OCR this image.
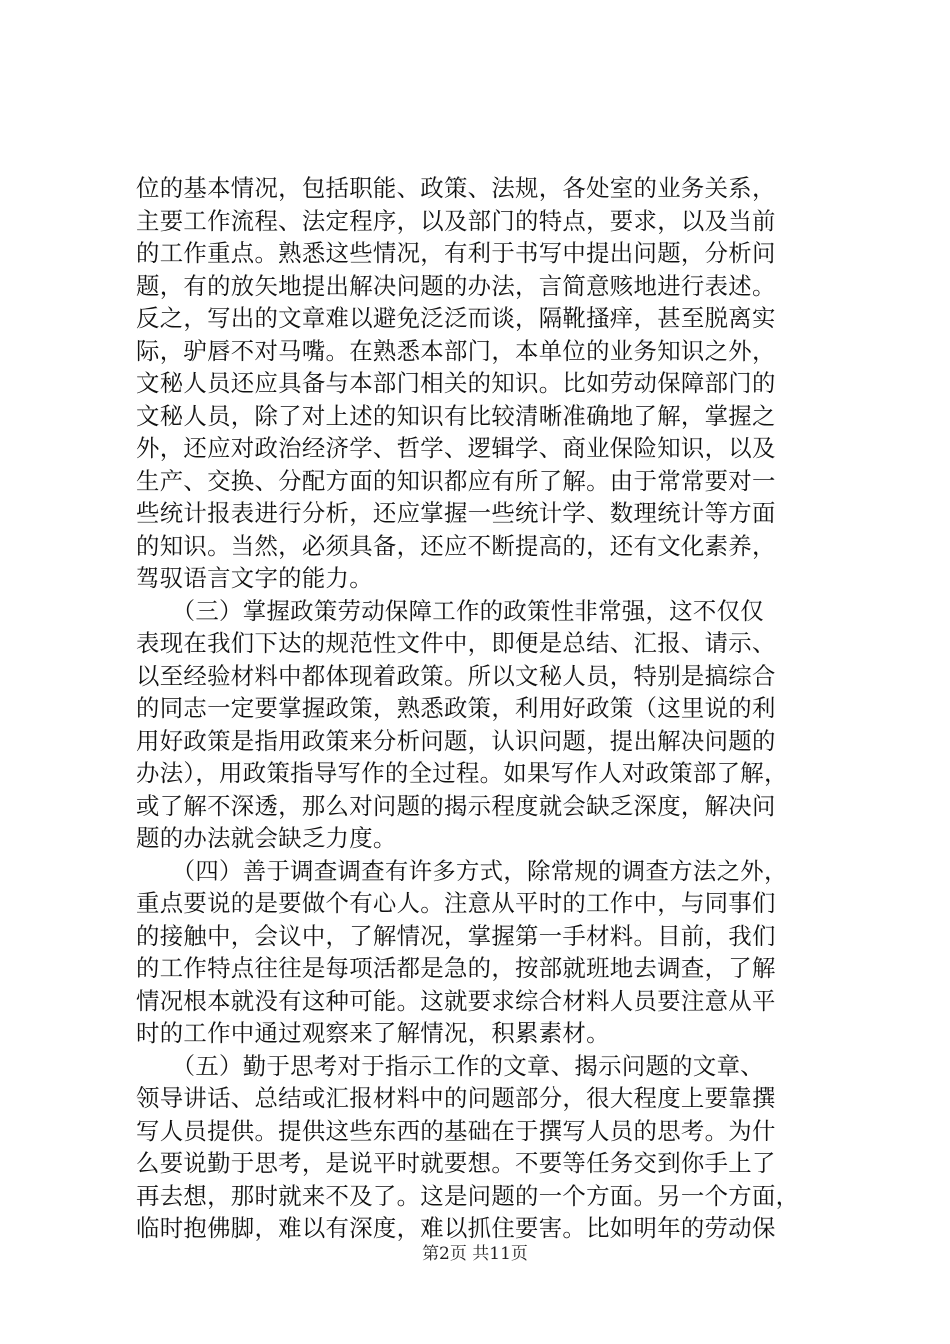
位的基本情况，包括职能、政策、法规，各处室的业务关系，
主要工作流程、法定程序，以及部门的特点，要求，以及当前
的工作重点。熟悉这些情况，有利于书写中提出问题，分析问
题，有的放矢地提出解决问题的办法，言简意赅地进行表述。
反之，写出的文章难以避免泛泛而谈，隔靴搔痒，甚至脱离实
际，驴唇不对马嘴。在熟悉本部门，本单位的业务知识之外，
文秘人员还应具备与本部门相关的知识。比如劳动保障部门的
文秘人员，除了对上述的知识有比较清晰准确地了解，掌握之
外，还应对政治经济学、哲学、逻辑学、商业保险知识，以及
生产、交换、分配方面的知识都应有所了解。由于常常要对一
些统计报表进行分析，还应掌握一些统计学、数理统计等方面
的知识。当然，必须具备，还应不断提高的，还有文化素养，
驾驭语言文字的能力。
　　（三）掌握政策劳动保障工作的政策性非常强，这不仅仅
表现在我们下达的规范性文件中，即便是总结、汇报、请示、
以至经验材料中都体现着政策。所以文秘人员，特别是搞综合
的同志一定要掌握政策，熟悉政策，利用好政策（这里说的利
用好政策是指用政策来分析问题，认识问题，提出解决问题的
办法），用政策指导写作的全过程。如果写作人对政策部了解，
或了解不深透，那么对问题的揭示程度就会缺乏深度，解决问
题的办法就会缺乏力度。
　　（四）善于调查调查有许多方式，除常规的调查方法之外，
重点要说的是要做个有心人。注意从平时的工作中，与同事们
的接触中，会议中，了解情况，掌握第一手材料。目前，我们
的工作特点往往是每项活都是急的，按部就班地去调查，了解
情况根本就没有这种可能。这就要求综合材料人员要注意从平
时的工作中通过观察来了解情况，积累素材。
　　（五）勤于思考对于指示工作的文章、揭示问题的文章、
领导讲话、总结或汇报材料中的问题部分，很大程度上要靠撰
写人员提供。提供这些东西的基础在于撰写人员的思考。为什
么要说勤于思考，是说平时就要想。不要等任务交到你手上了
再去想，那时就来不及了。这是问题的一个方面。另一个方面，
临时抱佛脚，难以有深度，难以抓住要害。比如明年的劳动保
第2页 共11页
